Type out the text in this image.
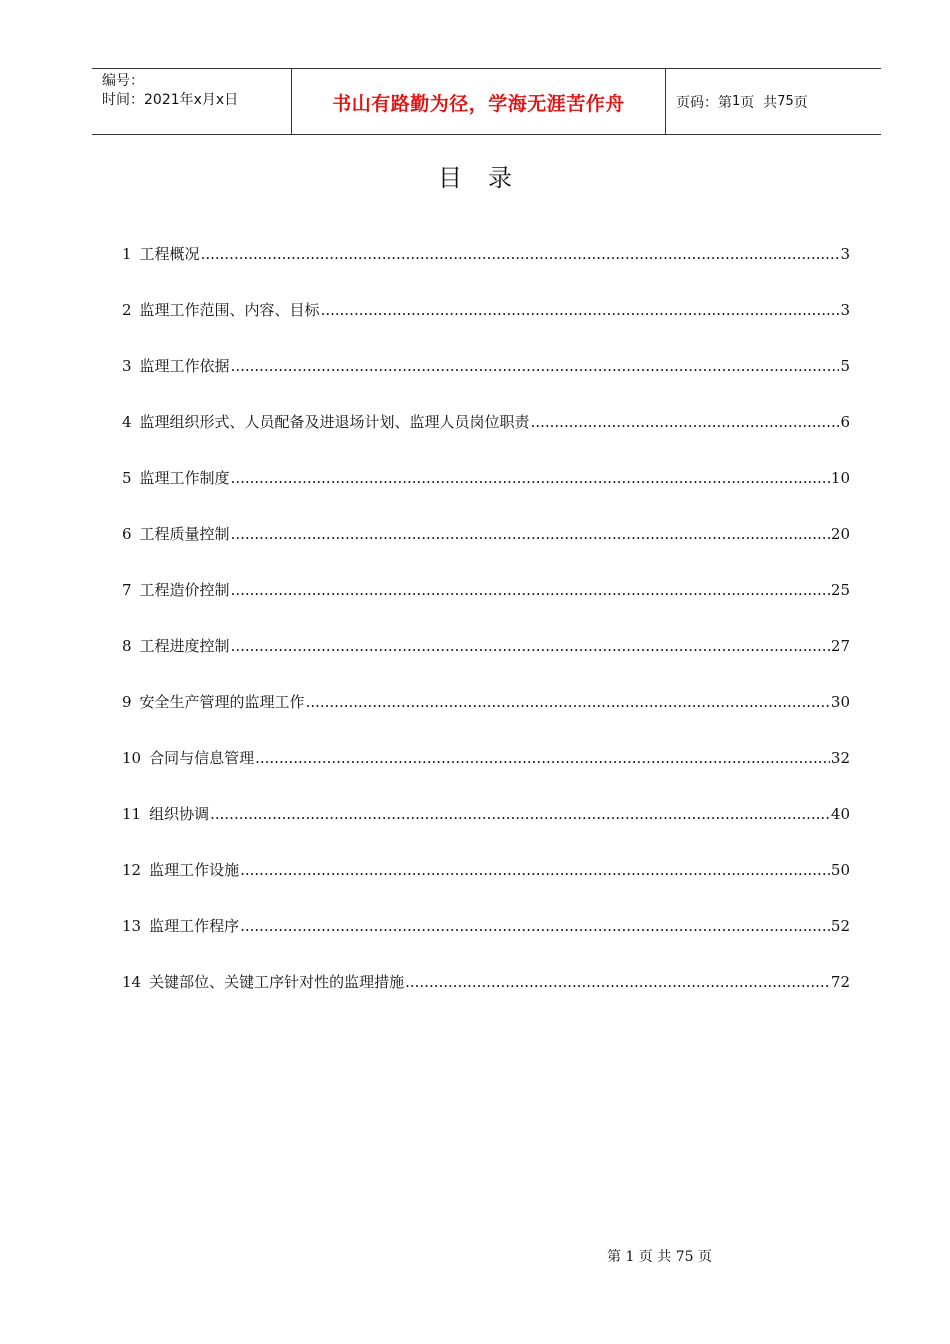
编号：
时间：2021年x月x日	书山有路勤为径，学海无涯苦作舟	页码：第 1 页  共 75 页
目录
1 工程概况 .....	3
2 监理工作范围、内容、目标 .....	3
3 监理工作依据 .....	5
4 监理组织形式、人员配备及进退场计划、监理人员岗位职责 .....	6
5 监理工作制度 .....	10
6 工程质量控制 .....	20
7 工程造价控制 .....	25
8 工程进度控制 .....	27
9 安全生产管理的监理工作 .....	30
10 合同与信息管理 .....	32
11 组织协调 .....	40
12 监理工作设施 .....	50
13 监理工作程序 .....	52
14 关键部位、关键工序针对性的监理措施 .....	72
第 1 页 共 75 页
